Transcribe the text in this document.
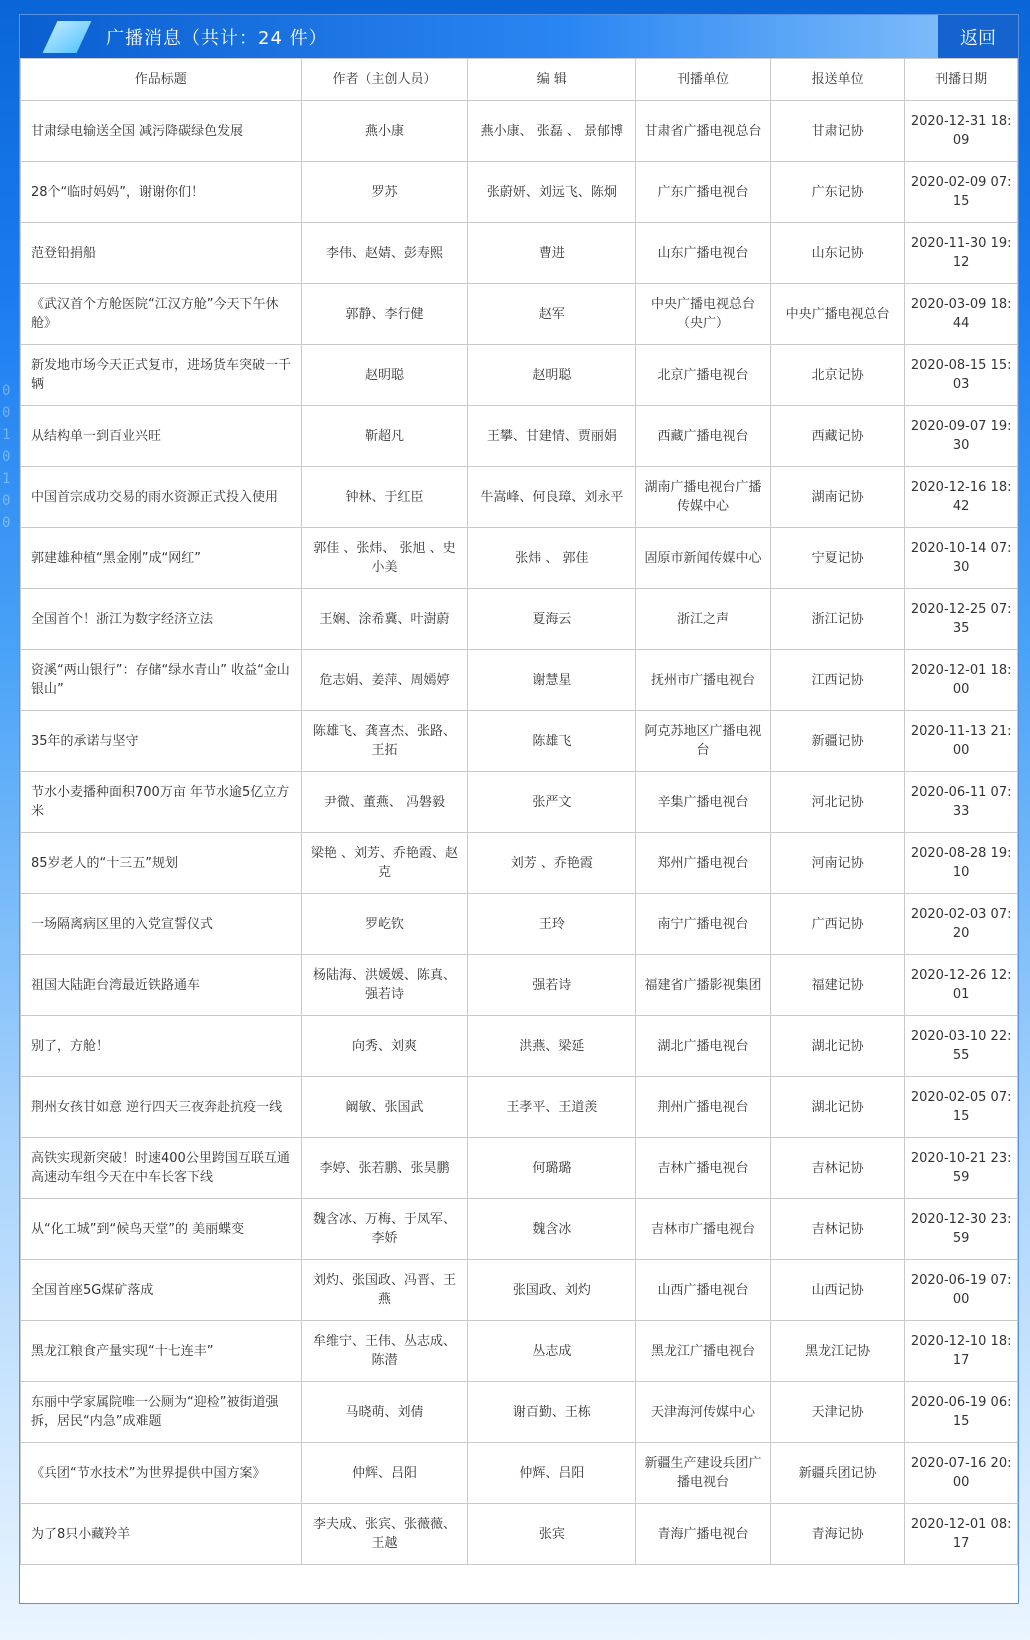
0
0
1
0
1
0
0
广播消息（共计：24 件）	返回
作品标题	作者（主创人员）	编 辑	刊播单位	报送单位	刊播日期
甘肃绿电输送全国 减污降碳绿色发展	燕小康	燕小康、 张磊 、 景郁博	甘肃省广播电视总台	甘肃记协	2020-12-31 18:09
28个“临时妈妈”，谢谢你们！	罗苏	张蔚妍、刘远飞、陈炯	广东广播电视台	广东记协	2020-02-09 07:15
范登铅捐船	李伟、赵婧、彭寿熙	曹进	山东广播电视台	山东记协	2020-11-30 19:12
《武汉首个方舱医院“江汉方舱”今天下午休舱》	郭静、李行健	赵军	中央广播电视总台（央广）	中央广播电视总台	2020-03-09 18:44
新发地市场今天正式复市，进场货车突破一千辆	赵明聪	赵明聪	北京广播电视台	北京记协	2020-08-15 15:03
从结构单一到百业兴旺	靳超凡	王攀、甘建情、贾丽娟	西藏广播电视台	西藏记协	2020-09-07 19:30
中国首宗成功交易的雨水资源正式投入使用	钟林、于红臣	牛嵩峰、何良璋、刘永平	湖南广播电视台广播传媒中心	湖南记协	2020-12-16 18:42
郭建雄种植“黑金刚”成“网红”	郭佳 、张炜、 张旭 、史小美	张炜 、 郭佳	固原市新闻传媒中心	宁夏记协	2020-10-14 07:30
全国首个！浙江为数字经济立法	王娴、涂希冀、叶澍蔚	夏海云	浙江之声	浙江记协	2020-12-25 07:35
资溪“两山银行”：存储“绿水青山” 收益“金山银山”	危志娟、姜萍、周嫣婷	谢慧星	抚州市广播电视台	江西记协	2020-12-01 18:00
35年的承诺与坚守	陈雄飞、龚喜杰、张路、王拓	陈雄飞	阿克苏地区广播电视台	新疆记协	2020-11-13 21:00
节水小麦播种面积700万亩 年节水逾5亿立方米	尹微、董燕、 冯磐毅	张严文	辛集广播电视台	河北记协	2020-06-11 07:33
85岁老人的“十三五”规划	梁艳 、刘芳、乔艳霞、赵克	刘芳 、乔艳霞	郑州广播电视台	河南记协	2020-08-28 19:10
一场隔离病区里的入党宣誓仪式	罗屹钦	王玲	南宁广播电视台	广西记协	2020-02-03 07:20
祖国大陆距台湾最近铁路通车	杨陆海、洪媛媛、陈真、强若诗	强若诗	福建省广播影视集团	福建记协	2020-12-26 12:01
别了，方舱！	向秀、刘爽	洪燕、梁延	湖北广播电视台	湖北记协	2020-03-10 22:55
荆州女孩甘如意 逆行四天三夜奔赴抗疫一线	阚敏、张国武	王孝平、王道羡	荆州广播电视台	湖北记协	2020-02-05 07:15
高铁实现新突破！时速400公里跨国互联互通高速动车组今天在中车长客下线	李婷、张若鹏、张昊鹏	何璐璐	吉林广播电视台	吉林记协	2020-10-21 23:59
从“化工城”到“候鸟天堂”的 美丽蝶变	魏含冰、万梅、于凤军、李娇	魏含冰	吉林市广播电视台	吉林记协	2020-12-30 23:59
全国首座5G煤矿落成	刘灼、张国政、冯晋、王燕	张国政、刘灼	山西广播电视台	山西记协	2020-06-19 07:00
黑龙江粮食产量实现“十七连丰”	牟维宁、王伟、丛志成、陈潜	丛志成	黑龙江广播电视台	黑龙江记协	2020-12-10 18:17
东丽中学家属院唯一公厕为“迎检”被街道强拆，居民“内急”成难题	马晓萌、刘倩	谢百勤、王栋	天津海河传媒中心	天津记协	2020-06-19 06:15
《兵团“节水技术”为世界提供中国方案》	仲辉、吕阳	仲辉、吕阳	新疆生产建设兵团广播电视台	新疆兵团记协	2020-07-16 20:00
为了8只小藏羚羊	李夫成、张宾、张薇薇、王越	张宾	青海广播电视台	青海记协	2020-12-01 08:17
